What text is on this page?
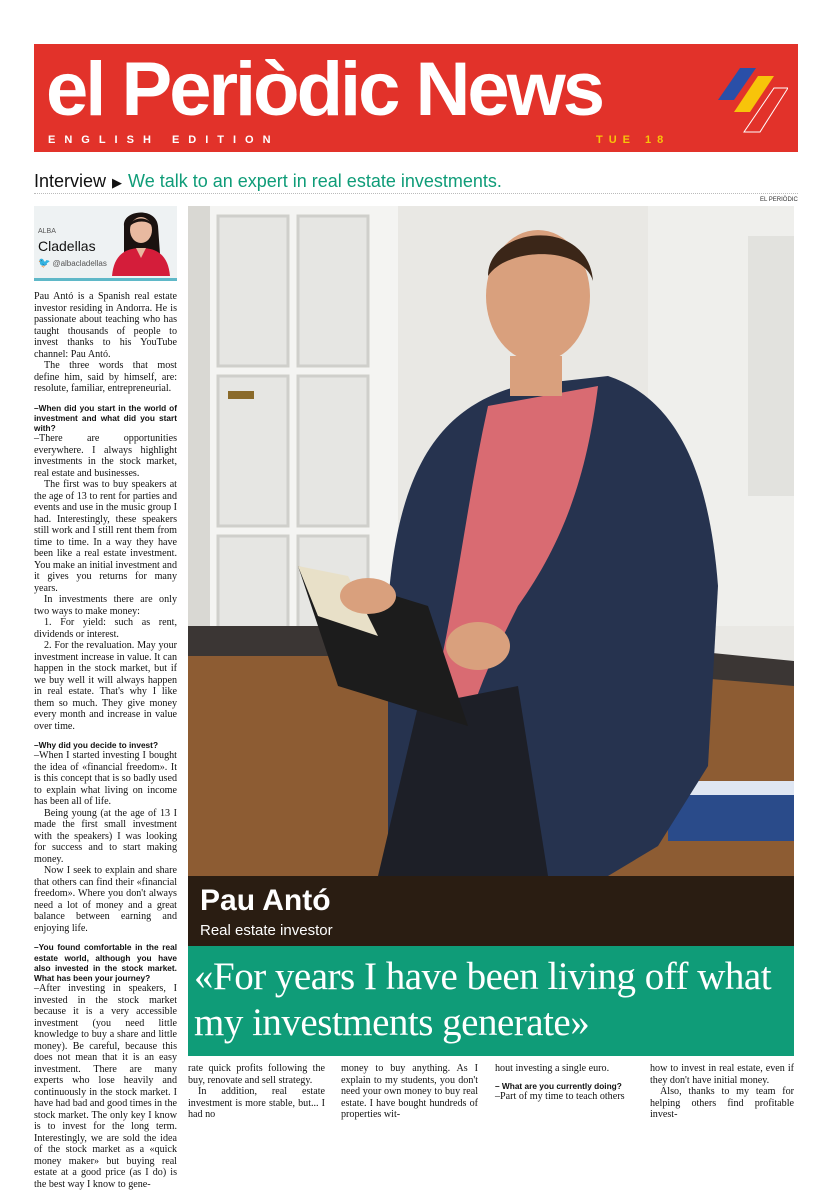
el Periòdic News
ENGLISH EDITION	TUE 18
Interview ▶ We talk to an expert in real estate investments.
EL PERIÒDIC
ALBA
Cladellas
🐦 @albacladellas

Pau Antó is a Spanish real estate investor residing in Andorra. He is passionate about teaching who has taught thousands of people to invest thanks to his YouTube channel: Pau Antó.

The three words that most define him, said by himself, are: resolute, familiar, entrepreneurial.

–When did you start in the world of investment and what did you start with?

–There are opportunities everywhere. I always highlight investments in the stock market, real estate and businesses.

The first was to buy speakers at the age of 13 to rent for parties and events and use in the music group I had. Interestingly, these speakers still work and I still rent them from time to time. In a way they have been like a real estate investment. You make an initial investment and it gives you returns for many years.

In investments there are only two ways to make money:

1. For yield: such as rent, dividends or interest.

2. For the revaluation. May your investment increase in value. It can happen in the stock market, but if we buy well it will always happen in real estate. That's why I like them so much. They give money every month and increase in value over time.

–Why did you decide to invest?

–When I started investing I bought the idea of «financial freedom». It is this concept that is so badly used to explain what living on income has been all of life.

Being young (at the age of 13 I made the first small investment with the speakers) I was looking for success and to start making money.

Now I seek to explain and share that others can find their «financial freedom». Where you don't always need a lot of money and a great balance between earning and enjoying life.

–You found comfortable in the real estate world, although you have also invested in the stock market. What has been your journey?

–After investing in speakers, I invested in the stock market because it is a very accessible investment (you need little knowledge to buy a share and little money). Be careful, because this does not mean that it is an easy investment. There are many experts who lose heavily and continuously in the stock market. I have had bad and good times in the stock market. The only key I know is to invest for the long term. Interestingly, we are sold the idea of the stock market as a «quick money maker» but buying real estate at a good price (as I do) is the best way I know to gene-

Pau Antó
Real estate investor
«For years I have been living off what my investments generate»

rate quick profits following the buy, renovate and sell strategy.

In addition, real estate investment is more stable, but... I had no

money to buy anything. As I explain to my students, you don't need your own money to buy real estate. I have bought hundreds of properties wit-

hout investing a single euro.

– What are you currently doing?

–Part of my time to teach others

how to invest in real estate, even if they don't have initial money.

Also, thanks to my team for helping others find profitable invest-
